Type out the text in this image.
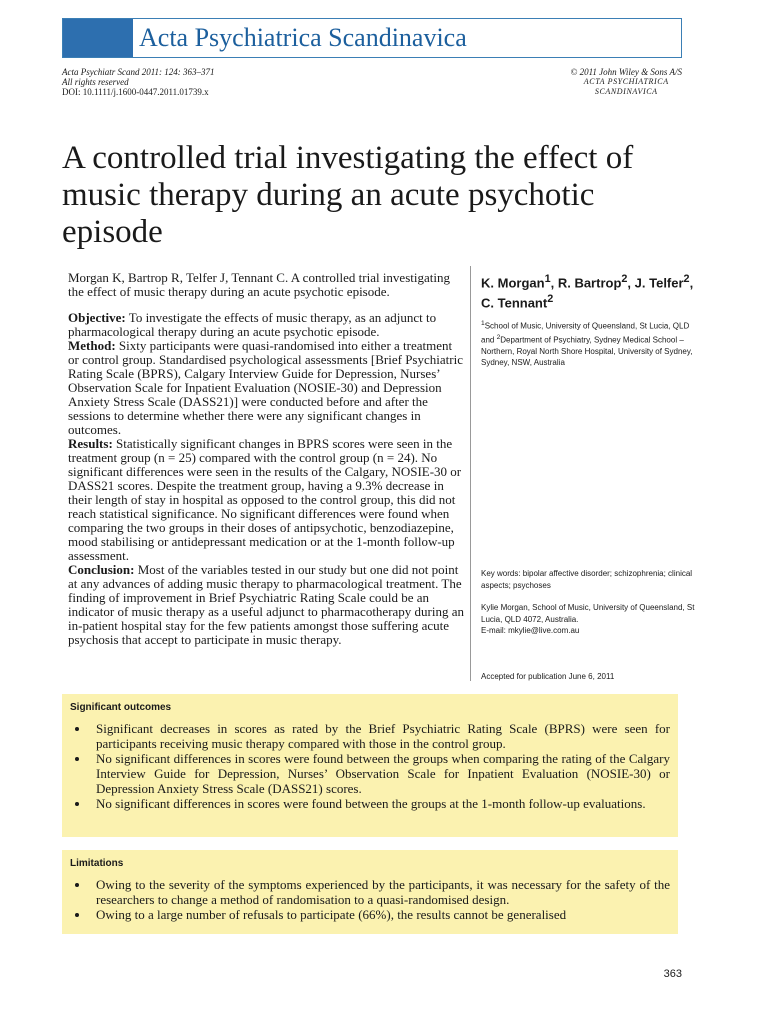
Acta Psychiatrica Scandinavica
Acta Psychiatr Scand 2011: 124: 363–371
All rights reserved
DOI: 10.1111/j.1600-0447.2011.01739.x
© 2011 John Wiley & Sons A/S
ACTA PSYCHIATRICA
SCANDINAVICA
A controlled trial investigating the effect of music therapy during an acute psychotic episode

Morgan K, Bartrop R, Telfer J, Tennant C. A controlled trial investigating the effect of music therapy during an acute psychotic episode.

Objective: To investigate the effects of music therapy, as an adjunct to pharmacological therapy during an acute psychotic episode.

Method: Sixty participants were quasi-randomised into either a treatment or control group. Standardised psychological assessments [Brief Psychiatric Rating Scale (BPRS), Calgary Interview Guide for Depression, Nurses’ Observation Scale for Inpatient Evaluation (NOSIE-30) and Depression Anxiety Stress Scale (DASS21)] were conducted before and after the sessions to determine whether there were any significant changes in outcomes.

Results: Statistically significant changes in BPRS scores were seen in the treatment group (n = 25) compared with the control group (n = 24). No significant differences were seen in the results of the Calgary, NOSIE-30 or DASS21 scores. Despite the treatment group, having a 9.3% decrease in their length of stay in hospital as opposed to the control group, this did not reach statistical significance. No significant differences were found when comparing the two groups in their doses of antipsychotic, benzodiazepine, mood stabilising or antidepressant medication or at the 1-month follow-up assessment.

Conclusion: Most of the variables tested in our study but one did not point at any advances of adding music therapy to pharmacological treatment. The finding of improvement in Brief Psychiatric Rating Scale could be an indicator of music therapy as a useful adjunct to pharmacotherapy during an in-patient hospital stay for the few patients amongst those suffering acute psychosis that accept to participate in music therapy.

K. Morgan$^1$, R. Bartrop$^2$, J. Telfer$^2$,
C. Tennant$^2$
$^1$School of Music, University of Queensland, St Lucia, QLD and $^2$Department of Psychiatry, Sydney Medical School – Northern, Royal North Shore Hospital, University of Sydney, Sydney, NSW, Australia
Key words: bipolar affective disorder; schizophrenia; clinical aspects; psychoses
Kylie Morgan, School of Music, University of Queensland, St Lucia, QLD 4072, Australia.
E-mail: mkylie@live.com.au
Accepted for publication June 6, 2011
Significant outcomes
• Significant decreases in scores as rated by the Brief Psychiatric Rating Scale (BPRS) were seen for participants receiving music therapy compared with those in the control group.
• No significant differences in scores were found between the groups when comparing the rating of the Calgary Interview Guide for Depression, Nurses’ Observation Scale for Inpatient Evaluation (NOSIE-30) or Depression Anxiety Stress Scale (DASS21) scores.
• No significant differences in scores were found between the groups at the 1-month follow-up evaluations.
Limitations
• Owing to the severity of the symptoms experienced by the participants, it was necessary for the safety of the researchers to change a method of randomisation to a quasi-randomised design.
• Owing to a large number of refusals to participate (66%), the results cannot be generalised
363
